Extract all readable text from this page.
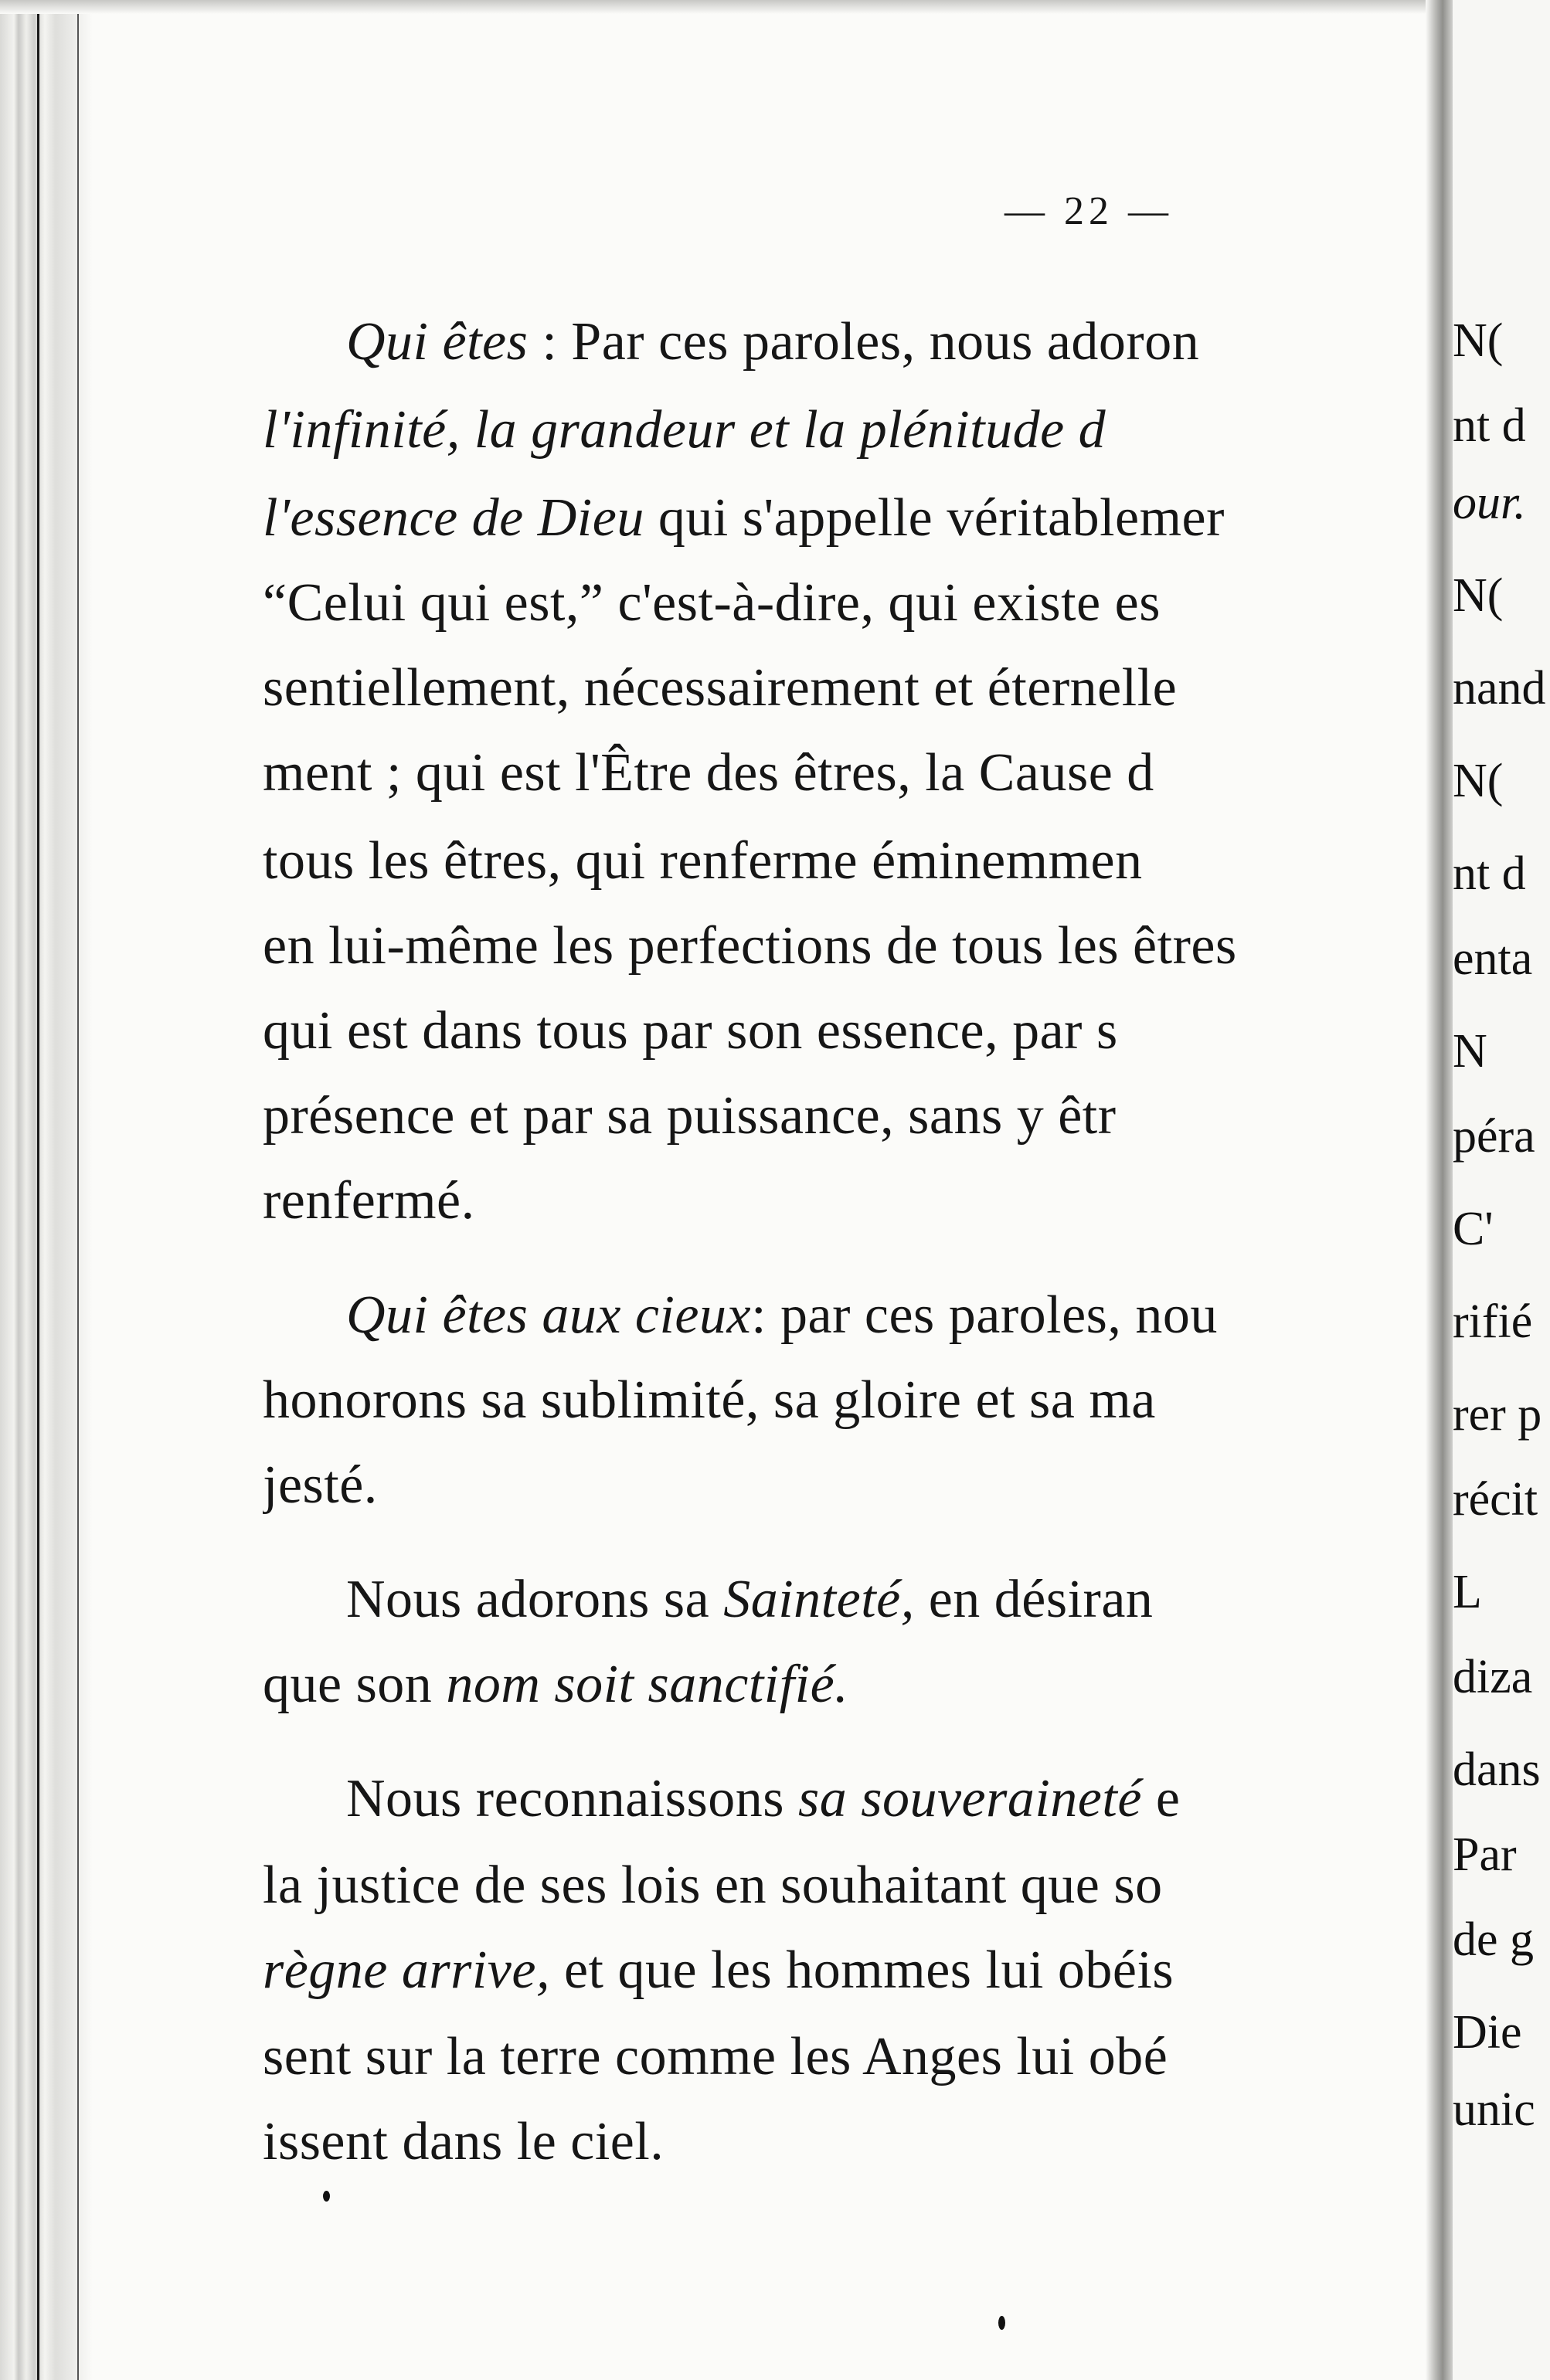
— 22 —
Qui êtes : Par ces paroles, nous adoron
l'infinité, la grandeur et la plénitude d
l'essence de Dieu qui s'appelle véritablemer
“Celui qui est,” c'est-à-dire, qui existe es
sentiellement, nécessairement et éternelle
ment ; qui est l'Être des êtres, la Cause d
tous les êtres, qui renferme éminemmen
en lui-même les perfections de tous les êtres
qui est dans tous par son essence, par s
présence et par sa puissance, sans y êtr
renfermé.
Qui êtes aux cieux: par ces paroles, nou
honorons sa sublimité, sa gloire et sa ma
jesté.
Nous adorons sa Sainteté, en désiran
que son nom soit sanctifié.
Nous reconnaissons sa souveraineté e
la justice de ses lois en souhaitant que so
règne arrive, et que les hommes lui obéis
sent sur la terre comme les Anges lui obé
issent dans le ciel.
N(
nt d
our.
N(
nand
N(
nt d
enta
N
péra
C'
rifié
rer p
récit
L
diza
dans
Par
de g
Die
unic
